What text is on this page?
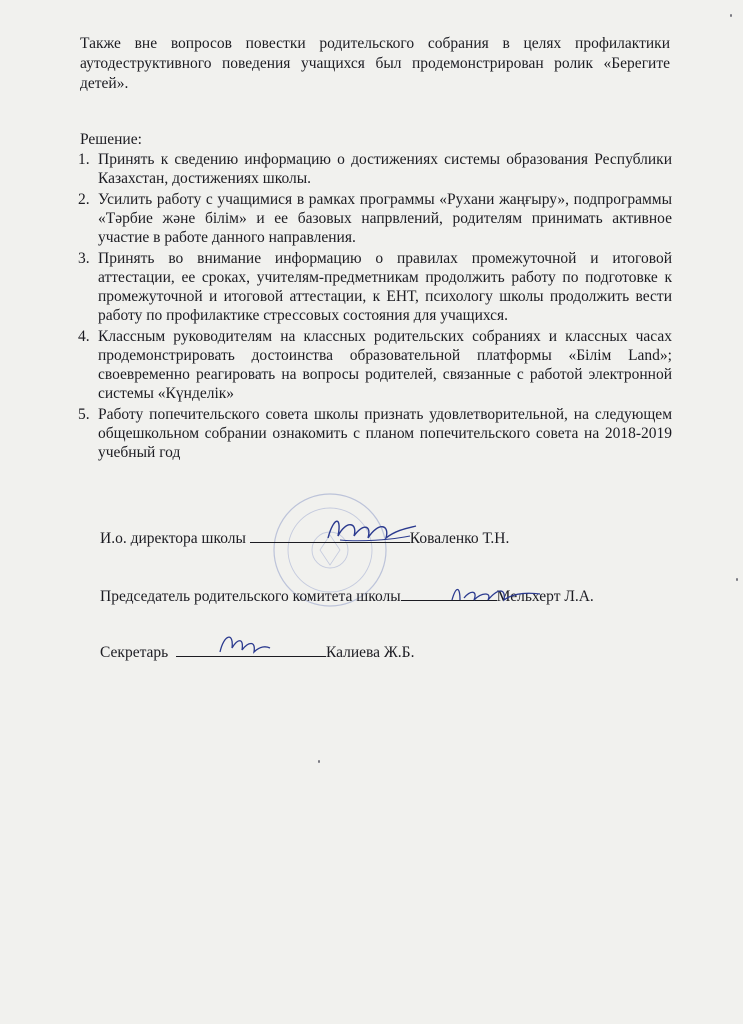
Также вне вопросов повестки родительского собрания в целях профилактики аутодеструктивного поведения учащихся был продемонстрирован ролик «Берегите детей».
Решение:
1. Принять к сведению информацию о достижениях системы образования Республики Казахстан, достижениях школы.
2. Усилить работу с учащимися в рамках программы «Рухани жаңғыру», подпрограммы «Тәрбие және білім» и ее базовых напрвлений, родителям принимать активное участие в работе данного направления.
3. Принять во внимание информацию о правилах промежуточной и итоговой аттестации, ее сроках, учителям-предметникам продолжить работу по подготовке к промежуточной и итоговой аттестации, к ЕНТ, психологу школы продолжить вести работу по профилактике стрессовых состояния для учащихся.
4. Классным руководителям на классных родительских собраниях и классных часах продемонстрировать достоинства образовательной платформы «Білім Land»; своевременно реагировать на вопросы родителей, связанные с работой электронной системы «Күнделік»
5. Работу попечительского совета школы признать удовлетворительной, на следующем общешкольном собрании ознакомить с планом попечительского совета на 2018-2019 учебный год
И.о. директора школы	Коваленко Т.Н.
Председатель родительского комитета школы	Мельхерт Л.А.
Секретарь	Калиева Ж.Б.
